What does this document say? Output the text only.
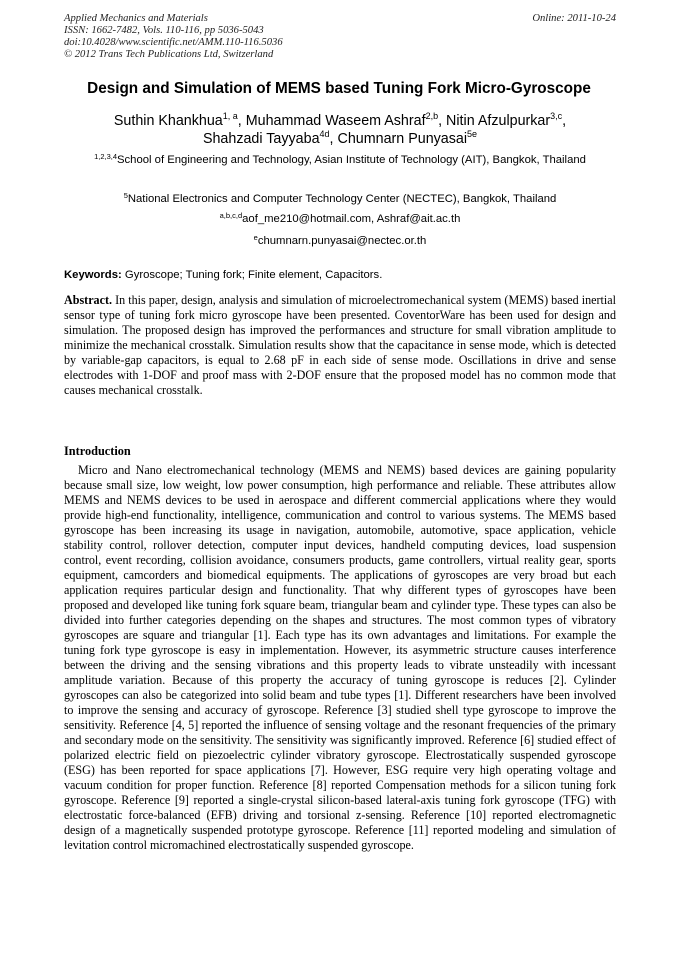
Applied Mechanics and Materials
ISSN: 1662-7482, Vols. 110-116, pp 5036-5043
doi:10.4028/www.scientific.net/AMM.110-116.5036
© 2012 Trans Tech Publications Ltd, Switzerland
Online: 2011-10-24
Design and Simulation of MEMS based Tuning Fork Micro-Gyroscope
Suthin Khankhua$^{1, a}$, Muhammad Waseem Ashraf$^{2,b}$, Nitin Afzulpurkar$^{3,c}$,
Shahzadi Tayyaba$^{4d}$, Chumnarn Punyasai$^{5e}$
$^{1,2,3,4}$School of Engineering and Technology, Asian Institute of Technology (AIT), Bangkok, Thailand
$^5$National Electronics and Computer Technology Center (NECTEC), Bangkok, Thailand
$^{a,b,c,d}$aof_me210@hotmail.com, Ashraf@ait.ac.th
$^e$chumnarn.punyasai@nectec.or.th
Keywords: Gyroscope; Tuning fork; Finite element, Capacitors.
Abstract. In this paper, design, analysis and simulation of microelectromechanical system (MEMS) based inertial sensor type of tuning fork micro gyroscope have been presented. CoventorWare has been used for design and simulation. The proposed design has improved the performances and structure for small vibration amplitude to minimize the mechanical crosstalk. Simulation results show that the capacitance in sense mode, which is detected by variable-gap capacitors, is equal to 2.68 pF in each side of sense mode. Oscillations in drive and sense electrodes with 1-DOF and proof mass with 2-DOF ensure that the proposed model has no common mode that causes mechanical crosstalk.
Introduction
Micro and Nano electromechanical technology (MEMS and NEMS) based devices are gaining popularity because small size, low weight, low power consumption, high performance and reliable. These attributes allow MEMS and NEMS devices to be used in aerospace and different commercial applications where they would provide high-end functionality, intelligence, communication and control to various systems. The MEMS based gyroscope has been increasing its usage in navigation, automobile, automotive, space application, vehicle stability control, rollover detection, computer input devices, handheld computing devices, load suspension control, event recording, collision avoidance, consumers products, game controllers, virtual reality gear, sports equipment, camcorders and biomedical equipments. The applications of gyroscopes are very broad but each application requires particular design and functionality. That why different types of gyroscopes have been proposed and developed like tuning fork square beam, triangular beam and cylinder type. These types can also be divided into further categories depending on the shapes and structures. The most common types of vibratory gyroscopes are square and triangular [1]. Each type has its own advantages and limitations. For example the tuning fork type gyroscope is easy in implementation. However, its asymmetric structure causes interference between the driving and the sensing vibrations and this property leads to vibrate unsteadily with incessant amplitude variation. Because of this property the accuracy of tuning gyroscope is reduces [2]. Cylinder gyroscopes can also be categorized into solid beam and tube types [1]. Different researchers have been involved to improve the sensing and accuracy of gyroscope. Reference [3] studied shell type gyroscope to improve the sensitivity. Reference [4, 5] reported the influence of sensing voltage and the resonant frequencies of the primary and secondary mode on the sensitivity. The sensitivity was significantly improved. Reference [6] studied effect of polarized electric field on piezoelectric cylinder vibratory gyroscope. Electrostatically suspended gyroscope (ESG) has been reported for space applications [7]. However, ESG require very high operating voltage and vacuum condition for proper function. Reference [8] reported Compensation methods for a silicon tuning fork gyroscope. Reference [9] reported a single-crystal silicon-based lateral-axis tuning fork gyroscope (TFG) with electrostatic force-balanced (EFB) driving and torsional z-sensing. Reference [10] reported electromagnetic design of a magnetically suspended prototype gyroscope. Reference [11] reported modeling and simulation of levitation control micromachined electrostatically suspended gyroscope.
